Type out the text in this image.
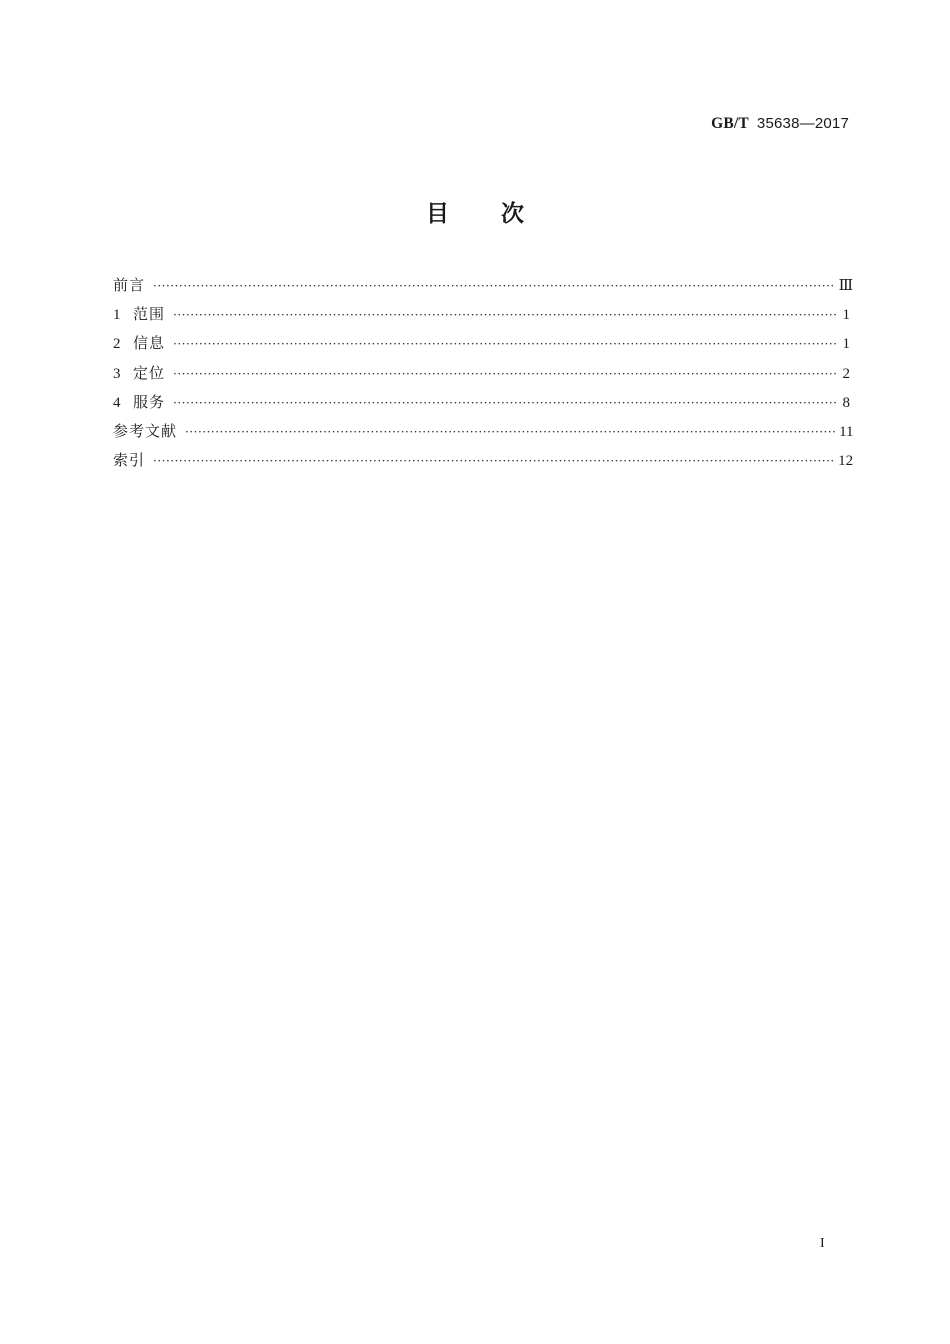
GB/T 35638—2017
目次
前言 ·····	Ⅲ
1 范围 ·····	1
2 信息 ·····	1
3 定位 ·····	2
4 服务 ·····	8
参考文献 ·····	11
索引 ·····	12
I
